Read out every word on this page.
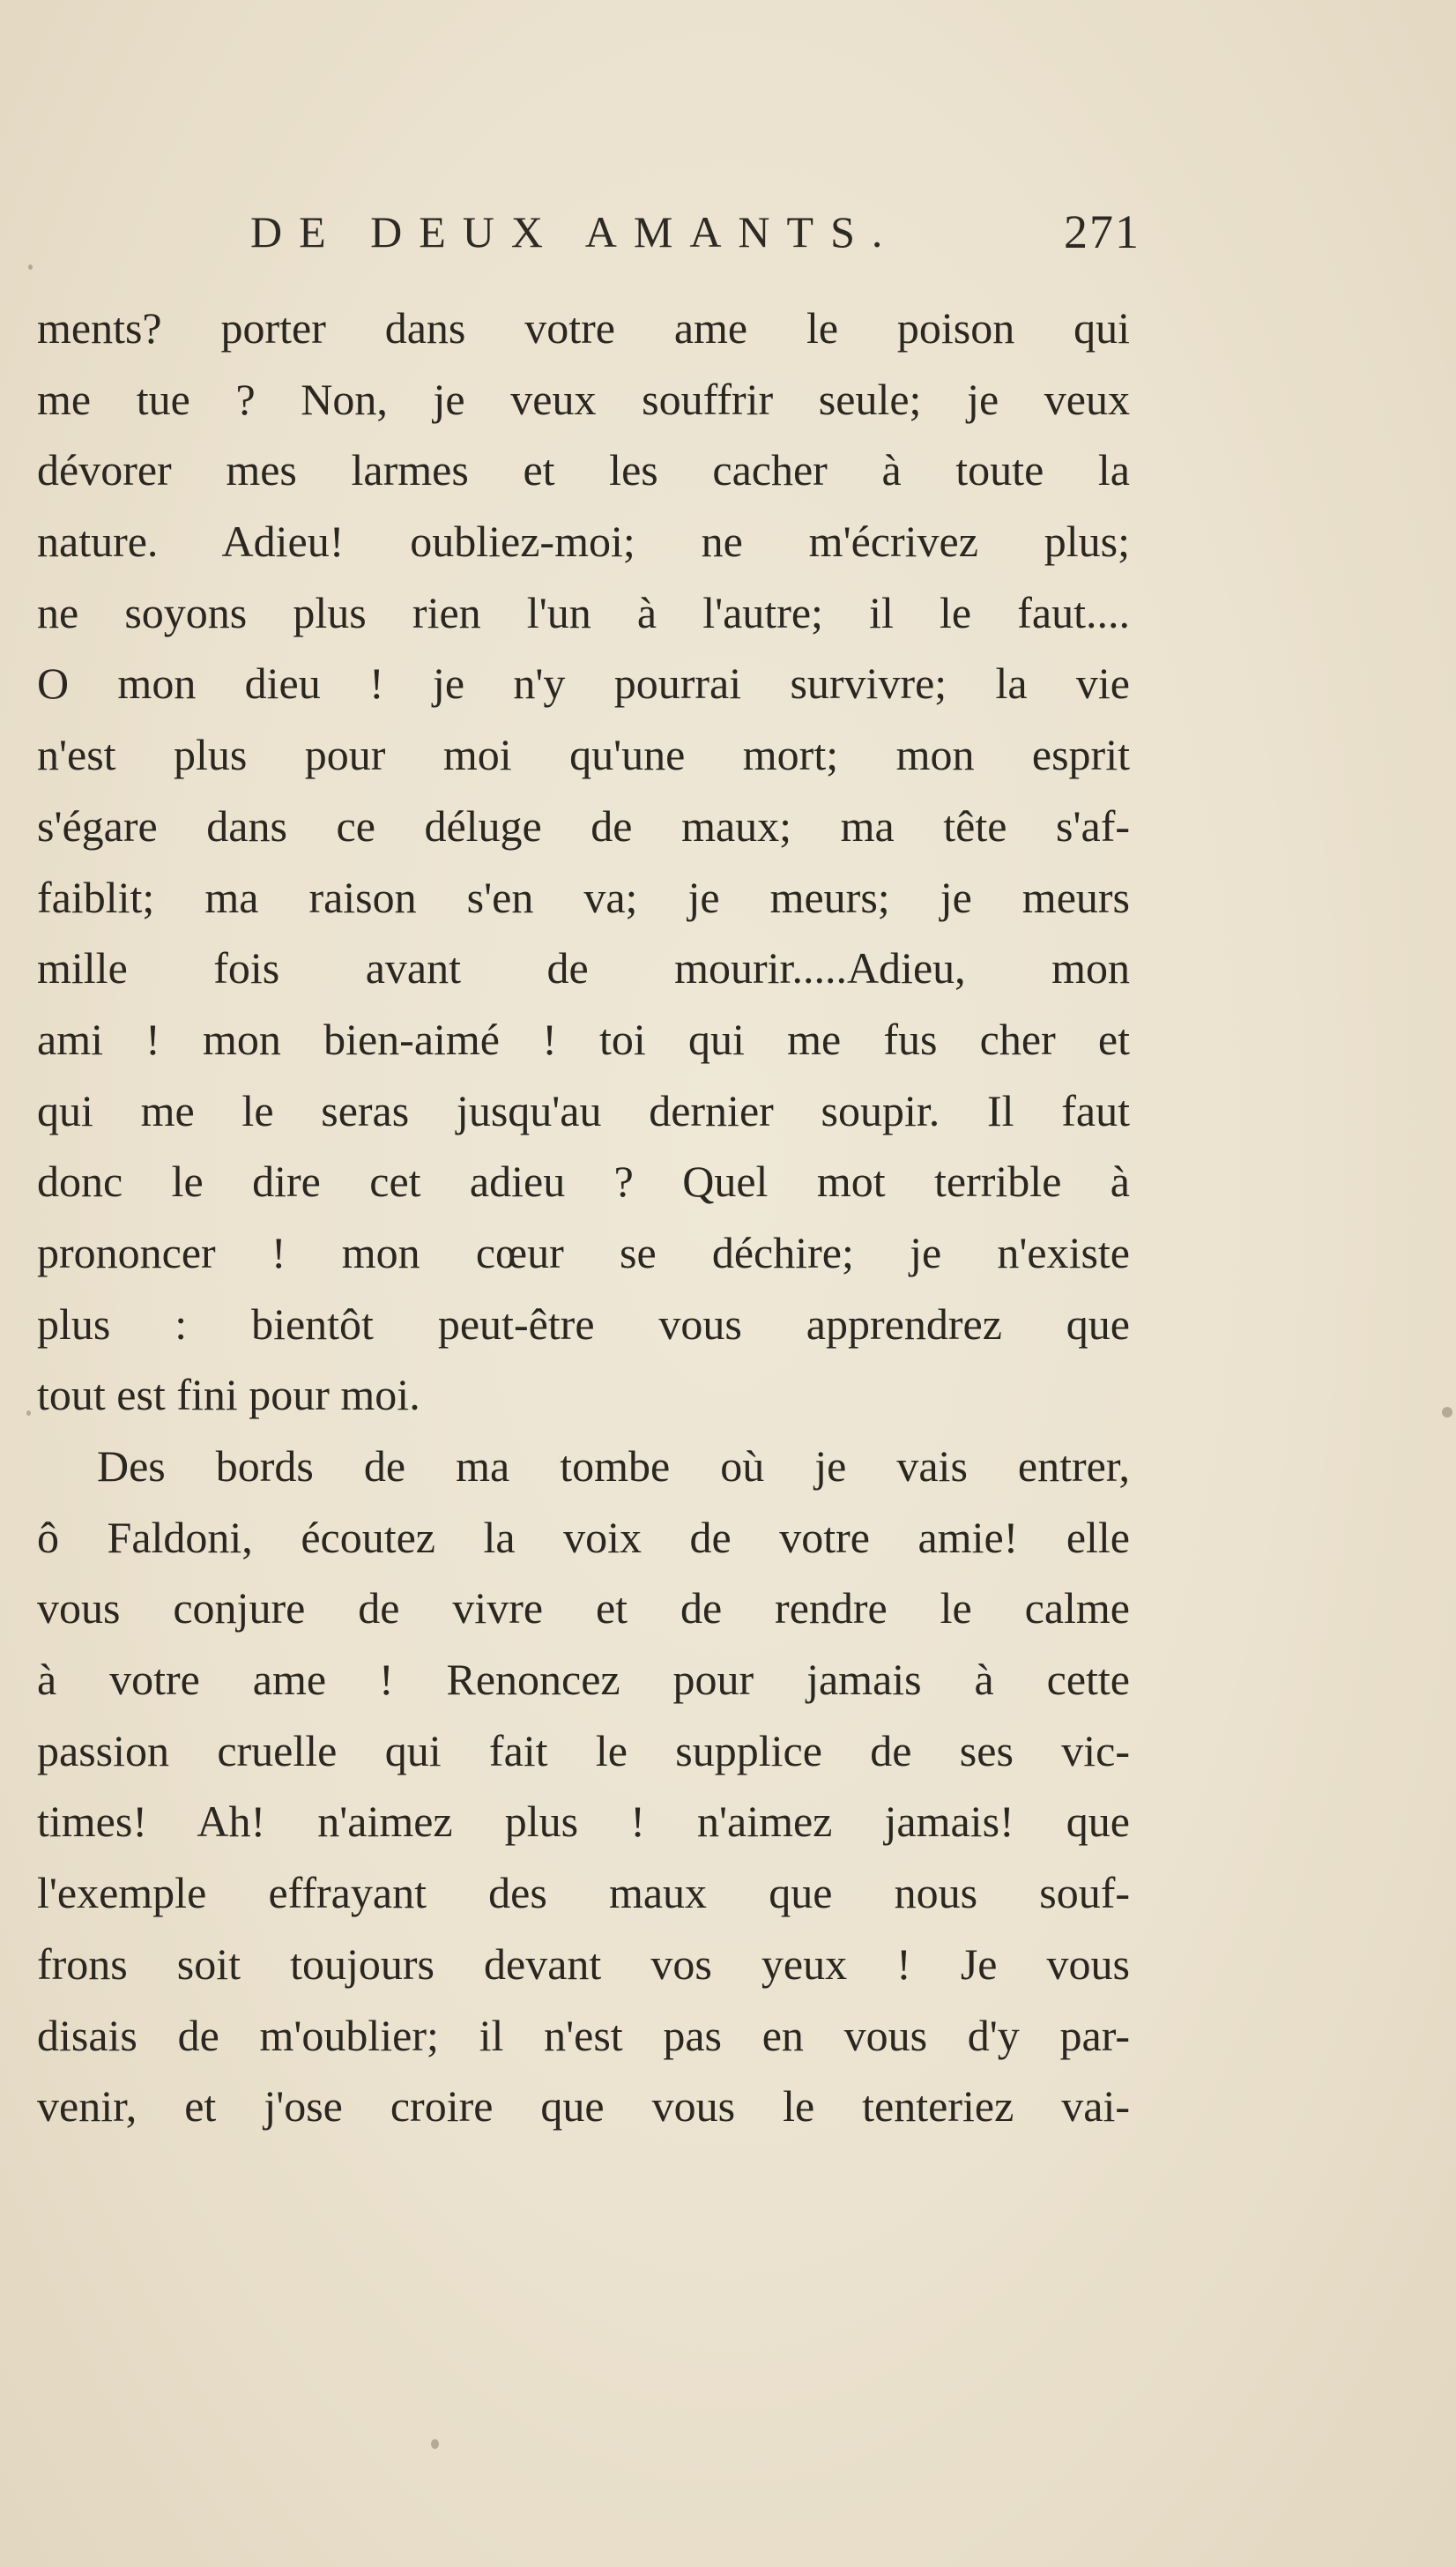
DE DEUX AMANTS.	271
ments? porter dans votre ame le poison qui
me tue ? Non, je veux souffrir seule; je veux
dévorer mes larmes et les cacher à toute la
nature. Adieu! oubliez-moi; ne m'écrivez plus;
ne soyons plus rien l'un à l'autre; il le faut....
O mon dieu ! je n'y pourrai survivre; la vie
n'est plus pour moi qu'une mort; mon esprit
s'égare dans ce déluge de maux; ma tête s'af-
faiblit; ma raison s'en va; je meurs; je meurs
mille fois avant de mourir.....Adieu, mon
ami ! mon bien-aimé ! toi qui me fus cher et
qui me le seras jusqu'au dernier soupir. Il faut
donc le dire cet adieu ? Quel mot terrible à
prononcer ! mon cœur se déchire; je n'existe
plus : bientôt peut-être vous apprendrez que
tout est fini pour moi.
Des bords de ma tombe où je vais entrer,
ô Faldoni, écoutez la voix de votre amie! elle
vous conjure de vivre et de rendre le calme
à votre ame ! Renoncez pour jamais à cette
passion cruelle qui fait le supplice de ses vic-
times! Ah! n'aimez plus ! n'aimez jamais! que
l'exemple effrayant des maux que nous souf-
frons soit toujours devant vos yeux ! Je vous
disais de m'oublier; il n'est pas en vous d'y par-
venir, et j'ose croire que vous le tenteriez vai-
